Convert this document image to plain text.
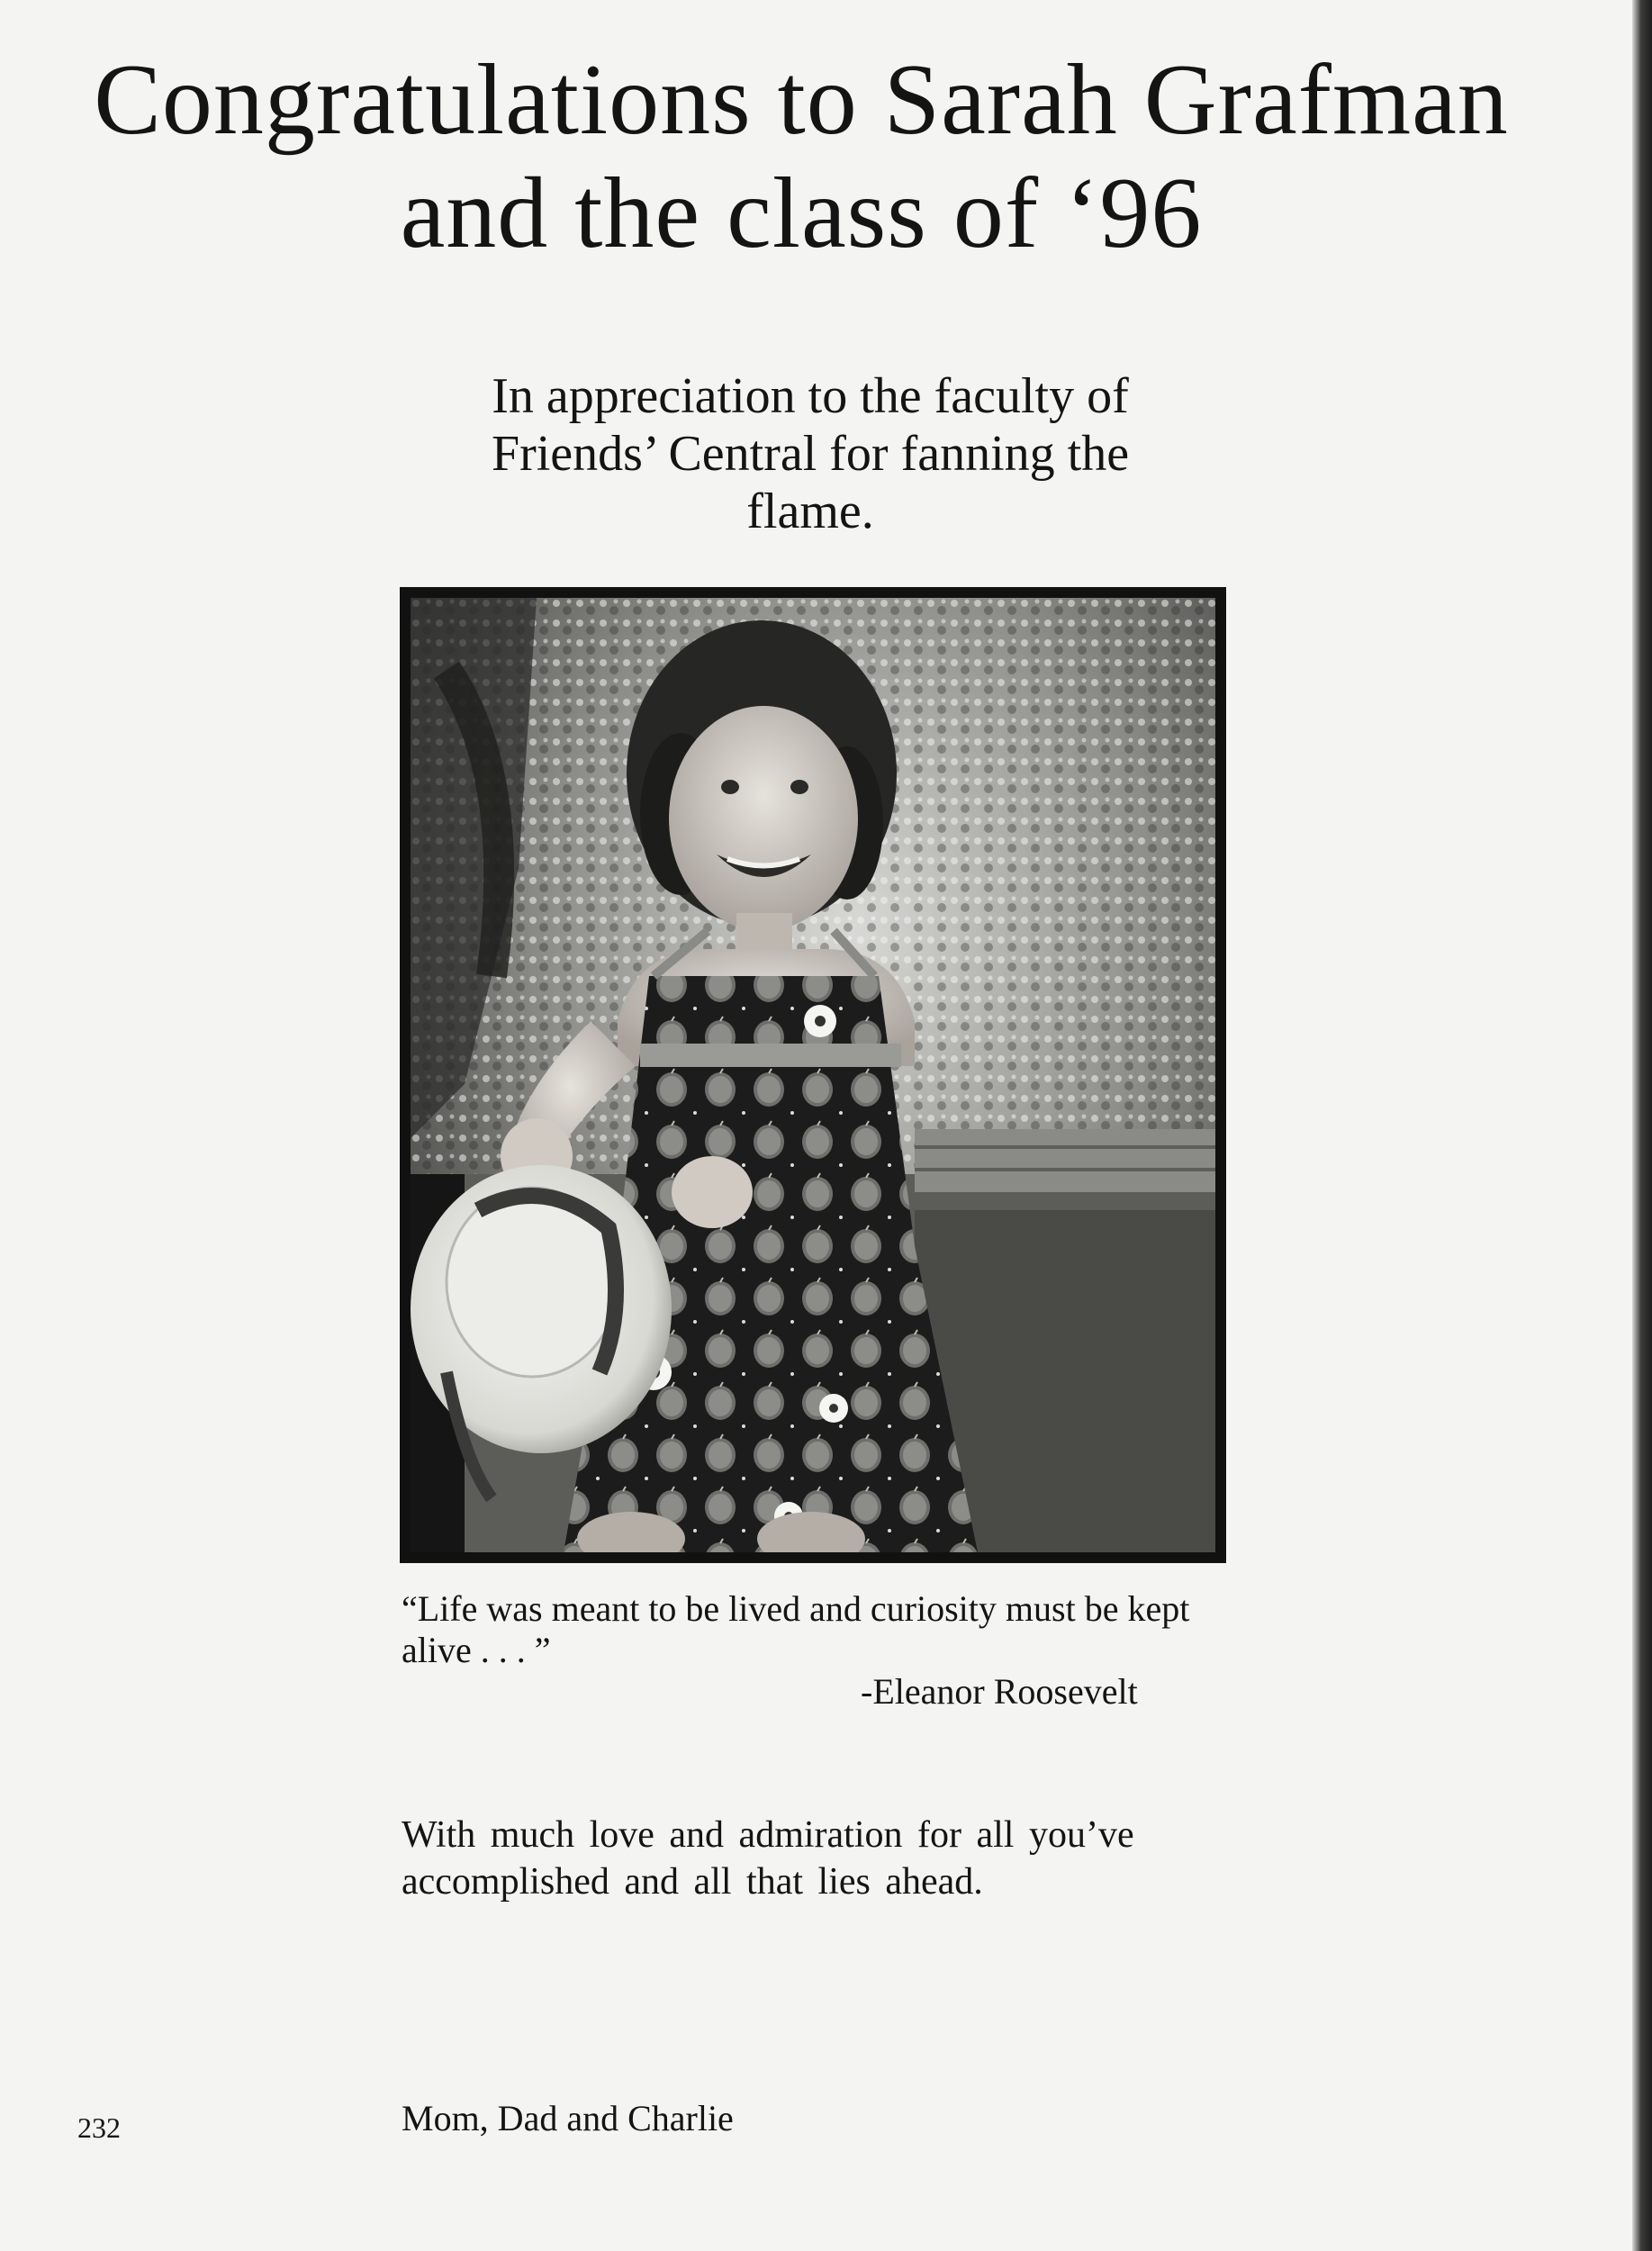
Congratulations to Sarah Grafman
and the class of ‘96
In appreciation to the faculty of
Friends’ Central for fanning the
flame.
“Life was meant to be lived and curiosity must be kept alive . . . ”
-Eleanor Roosevelt
With much love and admiration for all you’ve accomplished and all that lies ahead.
Mom, Dad and Charlie
232
